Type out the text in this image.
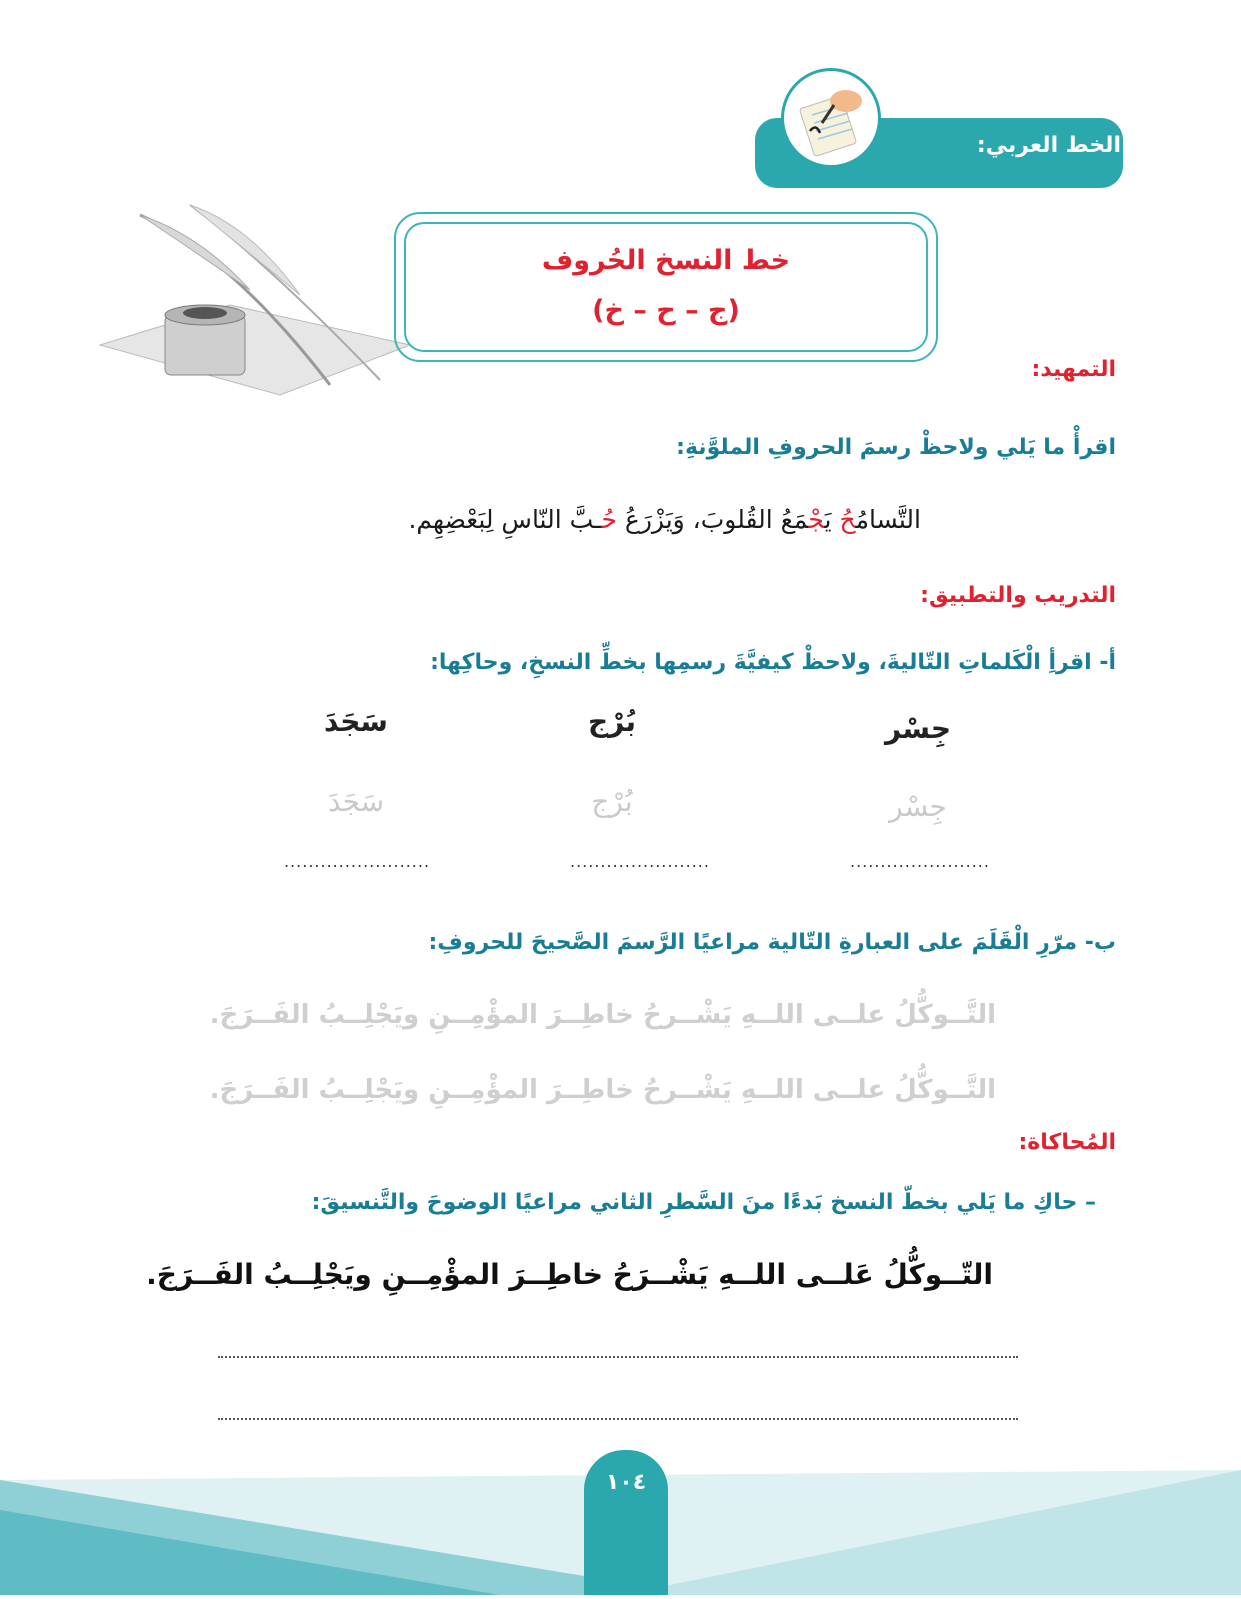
الخط العربي:
خط النسخ الحُروف
(ج – ح – خ)
التمهيد:
اقرأْ ما يَلي ولاحظْ رسمَ الحروفِ الملوَّنةِ:
التَّسامُحُ يَجْمَعُ القُلوبَ، وَيَزْرَعُ حُـبَّ النّاسِ لِبَعْضِهِم.
التدريب والتطبيق:
أ- اقرأِ الْكَلماتِ التّاليةَ، ولاحظْ كيفيَّةَ رسمِها بخطِّ النسخِ، وحاكِها:
جِسْر
بُرْج
سَجَدَ
جِسْر
بُرْج
سَجَدَ
.......................
.......................
........................
ب- مرّرِ الْقَلَمَ على العبارةِ التّالية مراعيًا الرَّسمَ الصَّحيحَ للحروفِ:
التَّــوكُّلُ علــى اللــهِ يَشْــرحُ خاطِــرَ المؤْمِــنِ ويَجْلِــبُ الفَــرَجَ.
التَّــوكُّلُ علــى اللــهِ يَشْــرحُ خاطِــرَ المؤْمِــنِ ويَجْلِــبُ الفَــرَجَ.
المُحاكاة:
– حاكِ ما يَلي بخطّ النسخ بَدءًا منَ السَّطرِ الثاني مراعيًا الوضوحَ والتَّنسيقَ:
التّــوكُّلُ عَلــى اللــهِ يَشْــرَحُ خاطِــرَ المؤْمِــنِ ويَجْلِــبُ الفَــرَجَ.
١٠٤
